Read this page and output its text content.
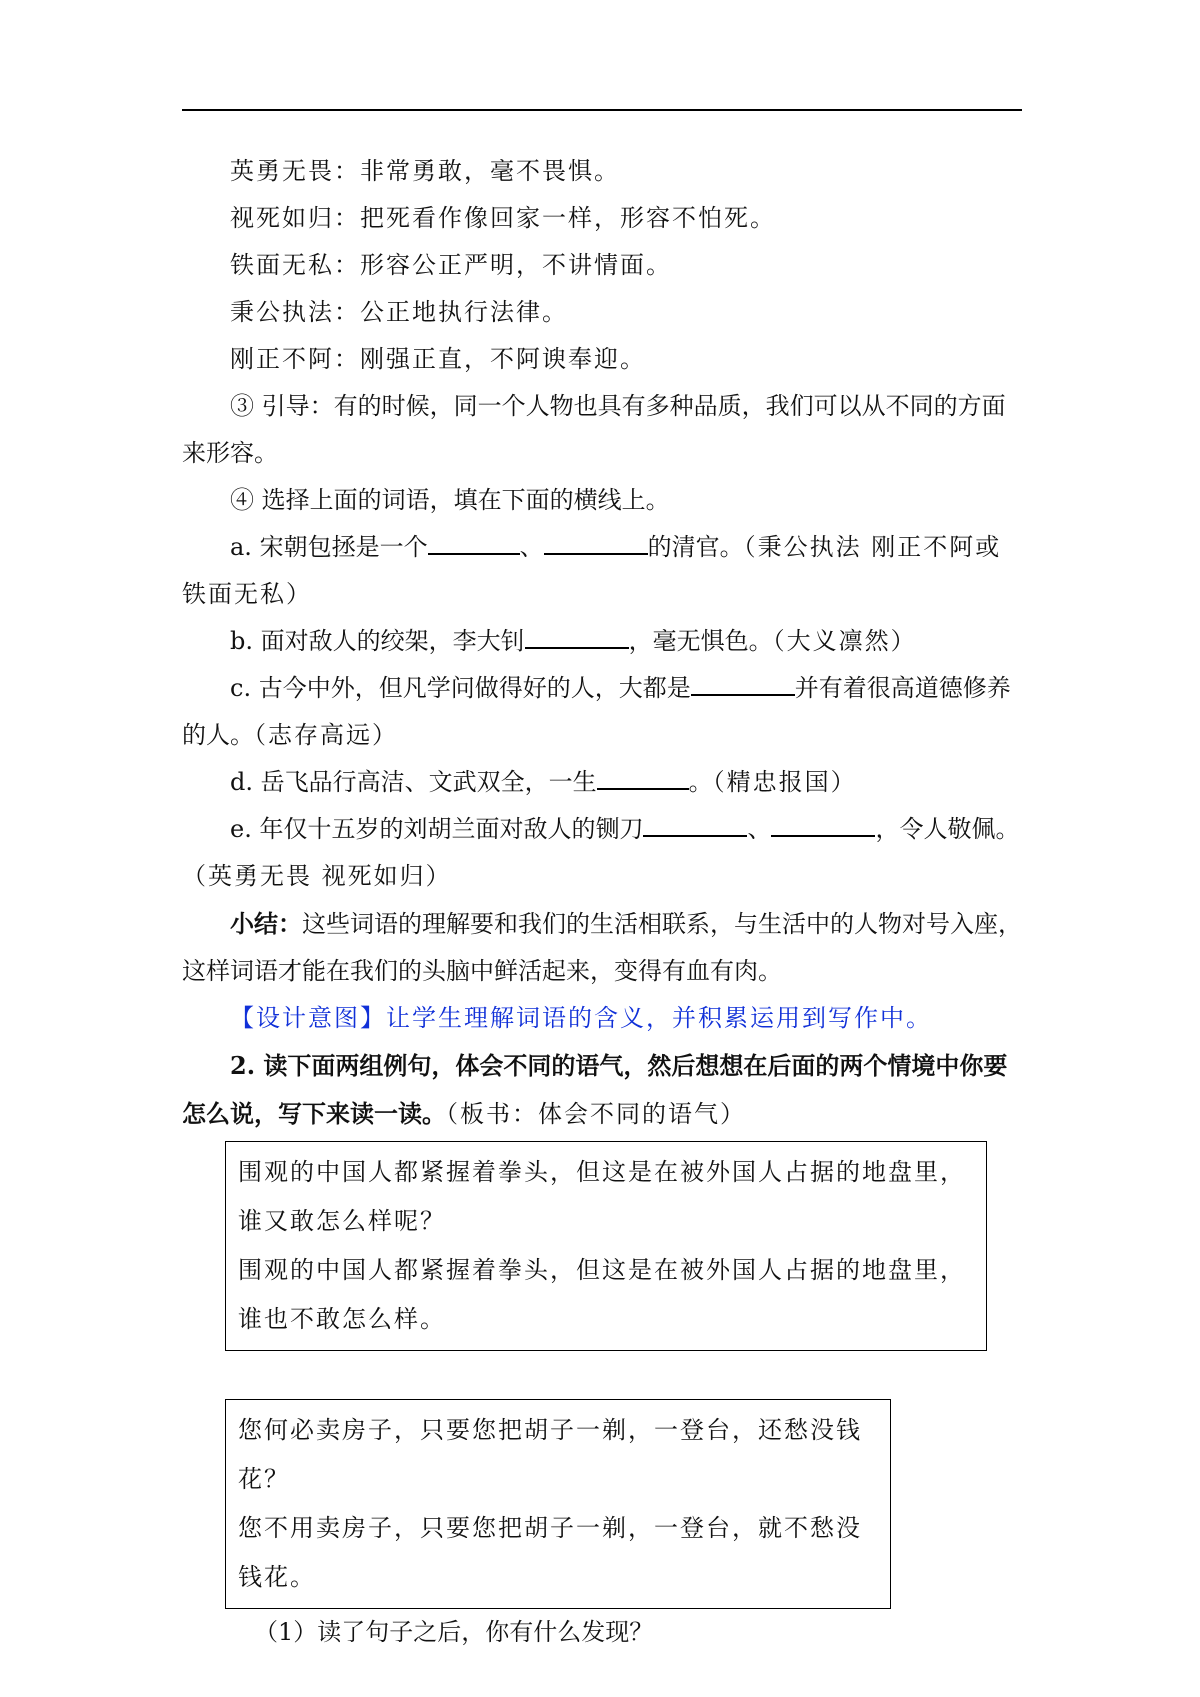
英勇无畏：非常勇敢，毫不畏惧。

视死如归：把死看作像回家一样，形容不怕死。

铁面无私：形容公正严明，不讲情面。

秉公执法：公正地执行法律。

刚正不阿：刚强正直，不阿谀奉迎。

③ 引导：有的时候，同一个人物也具有多种品质，我们可以从不同的方面来形容。

④ 选择上面的词语，填在下面的横线上。

a. 宋朝包拯是一个	、	的清官。（秉公执法 刚正不阿或铁面无私）

b. 面对敌人的绞架，李大钊	，毫无惧色。（大义凛然）

c. 古今中外，但凡学问做得好的人，大都是	并有着很高道德修养的人。（志存高远）

d. 岳飞品行高洁、文武双全，一生	。（精忠报国）

e. 年仅十五岁的刘胡兰面对敌人的铡刀	、	，令人敬佩。（英勇无畏 视死如归）

小结：这些词语的理解要和我们的生活相联系，与生活中的人物对号入座，这样词语才能在我们的头脑中鲜活起来，变得有血有肉。

【设计意图】让学生理解词语的含义，并积累运用到写作中。

2. 读下面两组例句，体会不同的语气，然后想想在后面的两个情境中你要怎么说，写下来读一读。（板书：体会不同的语气）

围观的中国人都紧握着拳头，但这是在被外国人占据的地盘里，谁又敢怎么样呢？
围观的中国人都紧握着拳头，但这是在被外国人占据的地盘里，谁也不敢怎么样。
您何必卖房子，只要您把胡子一剃，一登台，还愁没钱花？
您不用卖房子，只要您把胡子一剃，一登台，就不愁没钱花。

（1）读了句子之后，你有什么发现？
